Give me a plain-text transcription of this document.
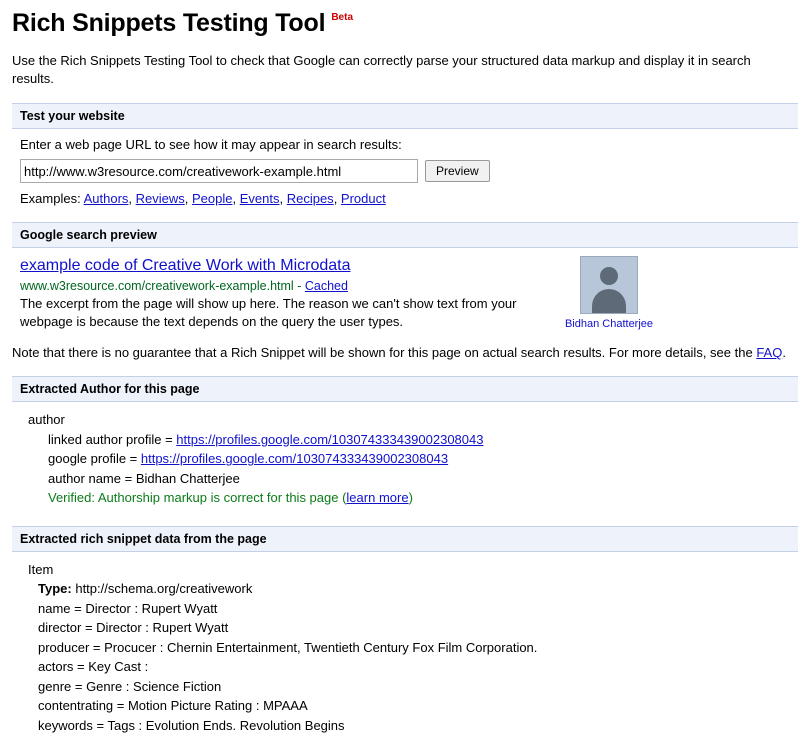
Rich Snippets Testing Tool Beta
Use the Rich Snippets Testing Tool to check that Google can correctly parse your structured data markup and display it in search results.
Test your website
Enter a web page URL to see how it may appear in search results:
http://www.w3resource.com/creativework-example.html
Preview
Examples: Authors, Reviews, People, Events, Recipes, Product
Google search preview
example code of Creative Work with Microdata
www.w3resource.com/creativework-example.html - Cached
The excerpt from the page will show up here. The reason we can't show text from your webpage is because the text depends on the query the user types.	Bidhan Chatterjee
Note that there is no guarantee that a Rich Snippet will be shown for this page on actual search results. For more details, see the FAQ.
Extracted Author for this page
author
linked author profile = https://profiles.google.com/103074333439002308043
google profile = https://profiles.google.com/103074333439002308043
author name = Bidhan Chatterjee
Verified: Authorship markup is correct for this page (learn more)
Extracted rich snippet data from the page
Item
Type: http://schema.org/creativework
name = Director : Rupert Wyatt
director = Director : Rupert Wyatt
producer = Procucer : Chernin Entertainment, Twentieth Century Fox Film Corporation.
actors = Key Cast :
genre = Genre : Science Fiction
contentrating = Motion Picture Rating : MPAAA
keywords = Tags : Evolution Ends. Revolution Begins
